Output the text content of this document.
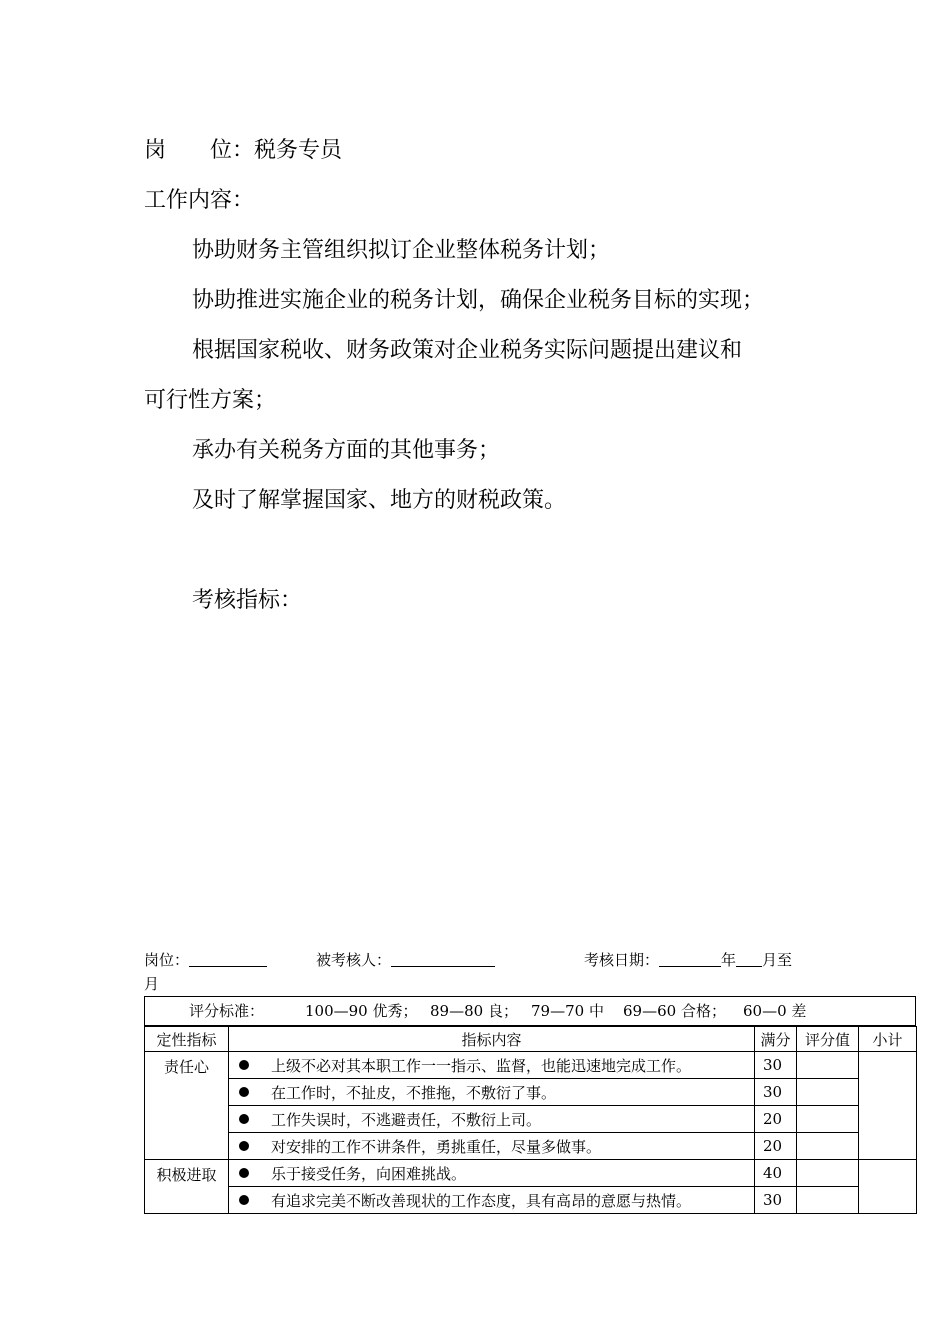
岗　　位：税务专员
工作内容：
协助财务主管组织拟订企业整体税务计划；
协助推进实施企业的税务计划，确保企业税务目标的实现；
根据国家税收、财务政策对企业税务实际问题提出建议和
可行性方案；
承办有关税务方面的其他事务；
及时了解掌握国家、地方的财税政策。
考核指标：
岗位：	被考核人：	考核日期：	年 月至
月
评分标准：	100—90 优秀； 89—80 良； 79—70 中 69—60 合格； 60—0 差
定性指标	指标内容	满分	评分值	小计
责任心	上级不必对其本职工作一一指示、监督，也能迅速地完成工作。	30		
	在工作时，不扯皮，不推拖，不敷衍了事。	30		
	工作失误时，不逃避责任，不敷衍上司。	20		
	对安排的工作不讲条件，勇挑重任，尽量多做事。	20		
积极进取	乐于接受任务，向困难挑战。	40		
	有追求完美不断改善现状的工作态度，具有高昂的意愿与热情。	30		
